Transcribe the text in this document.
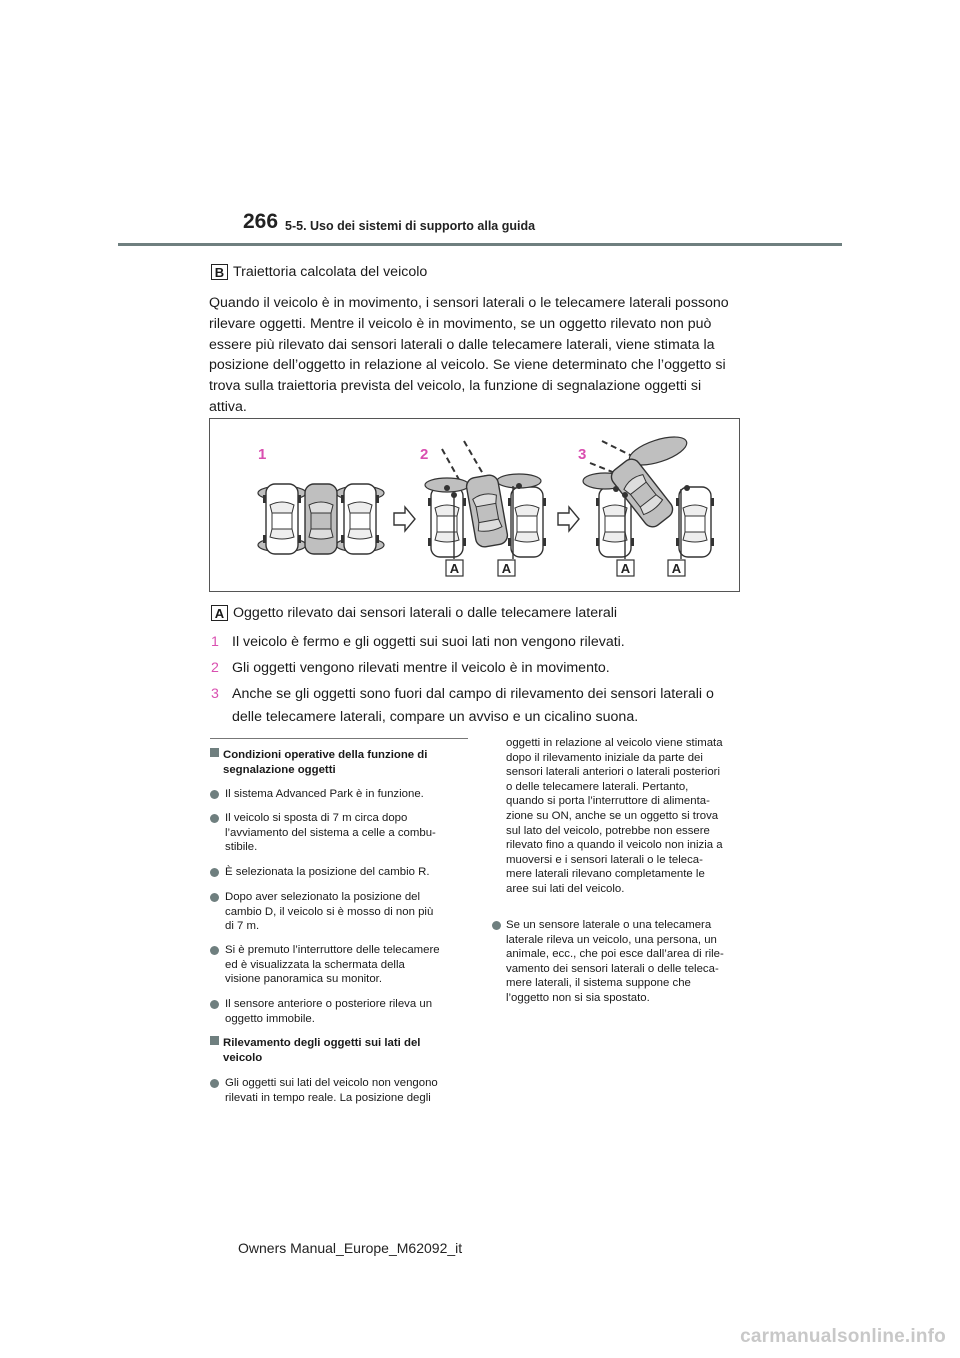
266 5-5. Uso dei sistemi di supporto alla guida
B Traiettoria calcolata del veicolo
Quando il veicolo è in movimento, i sensori laterali o le telecamere laterali possono
rilevare oggetti. Mentre il veicolo è in movimento, se un oggetto rilevato non può
essere più rilevato dai sensori laterali o dalle telecamere laterali, viene stimata la
posizione dell’oggetto in relazione al veicolo. Se viene determinato che l’oggetto si
trova sulla traiettoria prevista del veicolo, la funzione di segnalazione oggetti si
attiva.
1	2	3
A	A	A	A
A Oggetto rilevato dai sensori laterali o dalle telecamere laterali
1 Il veicolo è fermo e gli oggetti sui suoi lati non vengono rilevati.
2 Gli oggetti vengono rilevati mentre il veicolo è in movimento.
3 Anche se gli oggetti sono fuori dal campo di rilevamento dei sensori laterali o
delle telecamere laterali, compare un avviso e un cicalino suona.
Condizioni operative della funzione di
segnalazione oggetti
Il sistema Advanced Park è in funzione.
Il veicolo si sposta di 7 m circa dopo
l’avviamento del sistema a celle a combu-
stibile.
È selezionata la posizione del cambio R.
Dopo aver selezionato la posizione del
cambio D, il veicolo si è mosso di non più
di 7 m.
Si è premuto l’interruttore delle telecamere
ed è visualizzata la schermata della
visione panoramica su monitor.
Il sensore anteriore o posteriore rileva un
oggetto immobile.
Rilevamento degli oggetti sui lati del
veicolo
Gli oggetti sui lati del veicolo non vengono
rilevati in tempo reale. La posizione degli
oggetti in relazione al veicolo viene stimata
dopo il rilevamento iniziale da parte dei
sensori laterali anteriori o laterali posteriori
o delle telecamere laterali. Pertanto,
quando si porta l’interruttore di alimenta-
zione su ON, anche se un oggetto si trova
sul lato del veicolo, potrebbe non essere
rilevato fino a quando il veicolo non inizia a
muoversi e i sensori laterali o le teleca-
mere laterali rilevano completamente le
aree sui lati del veicolo.
Se un sensore laterale o una telecamera
laterale rileva un veicolo, una persona, un
animale, ecc., che poi esce dall’area di rile-
vamento dei sensori laterali o delle teleca-
mere laterali, il sistema suppone che
l’oggetto non si sia spostato.
Owners Manual_Europe_M62092_it
carmanualsonline.info
